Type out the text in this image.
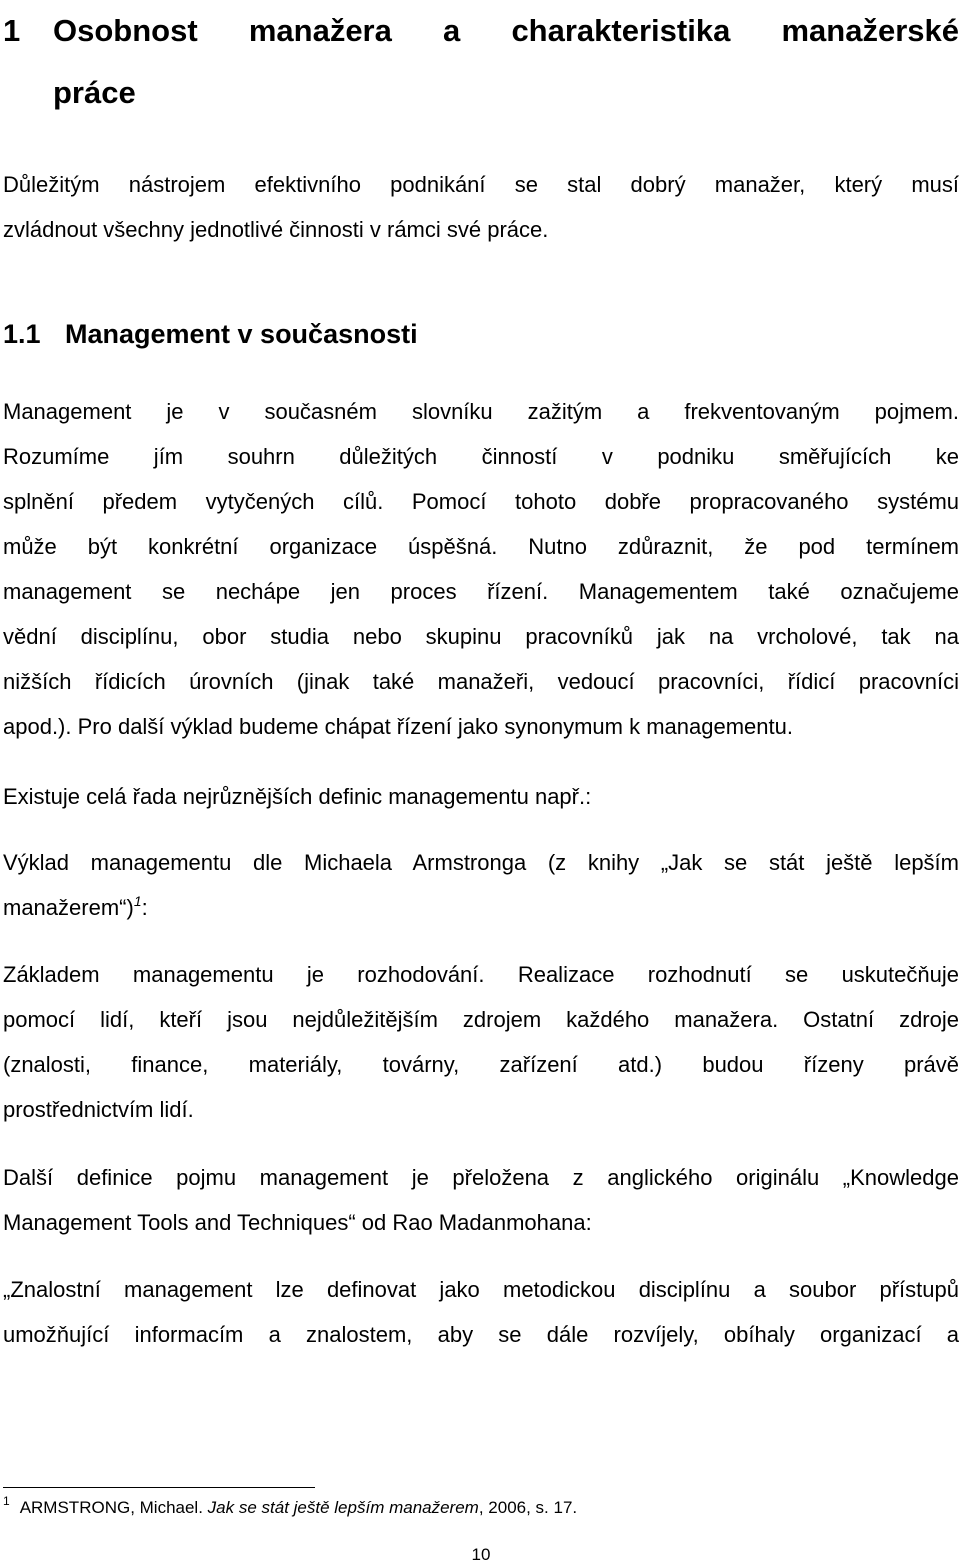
1 Osobnost manažera a charakteristika manažerské
práce

Důležitým nástrojem efektivního podnikání se stal dobrý manažer, který musí
zvládnout všechny jednotlivé činnosti v rámci své práce.

1.1 Management v současnosti

Management je v současném slovníku zažitým a frekventovaným pojmem.
Rozumíme jím souhrn důležitých činností v podniku směřujících ke
splnění předem vytyčených cílů. Pomocí tohoto dobře propracovaného systému
může být konkrétní organizace úspěšná. Nutno zdůraznit, že pod termínem
management se nechápe jen proces řízení. Managementem také označujeme
vědní disciplínu, obor studia nebo skupinu pracovníků jak na vrcholové, tak na
nižších řídicích úrovních (jinak také manažeři, vedoucí pracovníci, řídicí pracovníci
apod.). Pro další výklad budeme chápat řízení jako synonymum k managementu.

Existuje celá řada nejrůznějších definic managementu např.:

Výklad managementu dle Michaela Armstronga (z knihy „Jak se stát ještě lepším
manažerem“)$^1$:

Základem managementu je rozhodování. Realizace rozhodnutí se uskutečňuje
pomocí lidí, kteří jsou nejdůležitějším zdrojem každého manažera. Ostatní zdroje
(znalosti, finance, materiály, továrny, zařízení atd.) budou řízeny právě
prostřednictvím lidí.

Další definice pojmu management je přeložena z anglického originálu „Knowledge
Management Tools and Techniques“ od Rao Madanmohana:

„Znalostní management lze definovat jako metodickou disciplínu a soubor přístupů
umožňující informacím a znalostem, aby se dále rozvíjely, obíhaly organizací a

$^1$ ARMSTRONG, Michael. Jak se stát ještě lepším manažerem, 2006, s. 17.
10
